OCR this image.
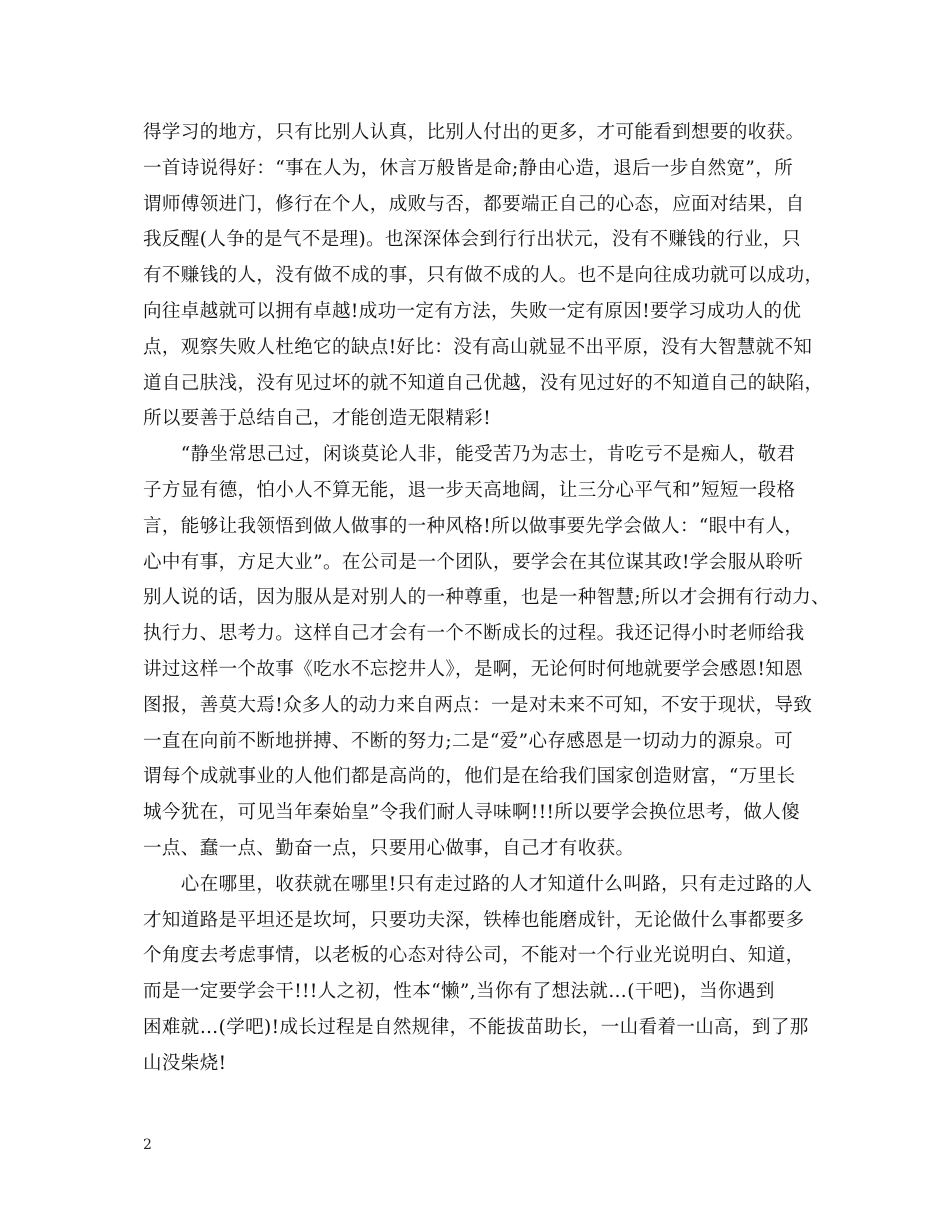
得学习的地方，只有比别人认真，比别人付出的更多，才可能看到想要的收获。
一首诗说得好：“事在人为，休言万般皆是命;静由心造，退后一步自然宽”，所
谓师傅领进门，修行在个人，成败与否，都要端正自己的心态，应面对结果，自
我反醒(人争的是气不是理)。也深深体会到行行出状元，没有不赚钱的行业，只
有不赚钱的人，没有做不成的事，只有做不成的人。也不是向往成功就可以成功，
向往卓越就可以拥有卓越!成功一定有方法，失败一定有原因!要学习成功人的优
点，观察失败人杜绝它的缺点!好比：没有高山就显不出平原，没有大智慧就不知
道自己肤浅，没有见过坏的就不知道自己优越，没有见过好的不知道自己的缺陷，
所以要善于总结自己，才能创造无限精彩!
　　“静坐常思己过，闲谈莫论人非，能受苦乃为志士，肯吃亏不是痴人，敬君
子方显有德，怕小人不算无能，退一步天高地阔，让三分心平气和”短短一段格
言，能够让我领悟到做人做事的一种风格!所以做事要先学会做人：“眼中有人，
心中有事，方足大业”。在公司是一个团队，要学会在其位谋其政!学会服从聆听
别人说的话，因为服从是对别人的一种尊重，也是一种智慧;所以才会拥有行动力、
执行力、思考力。这样自己才会有一个不断成长的过程。我还记得小时老师给我
讲过这样一个故事《吃水不忘挖井人》，是啊，无论何时何地就要学会感恩!知恩
图报，善莫大焉!众多人的动力来自两点：一是对未来不可知，不安于现状，导致
一直在向前不断地拼搏、不断的努力;二是“爱”心存感恩是一切动力的源泉。可
谓每个成就事业的人他们都是高尚的，他们是在给我们国家创造财富，“万里长
城今犹在，可见当年秦始皇”令我们耐人寻味啊!!!所以要学会换位思考，做人傻
一点、蠢一点、勤奋一点，只要用心做事，自己才有收获。
　　心在哪里，收获就在哪里!只有走过路的人才知道什么叫路，只有走过路的人
才知道路是平坦还是坎坷，只要功夫深，铁棒也能磨成针，无论做什么事都要多
个角度去考虑事情，以老板的心态对待公司，不能对一个行业光说明白、知道，
而是一定要学会干!!!人之初，性本“懒”,当你有了想法就…(干吧)，当你遇到
困难就…(学吧)!成长过程是自然规律，不能拔苗助长，一山看着一山高，到了那
山没柴烧!
2
